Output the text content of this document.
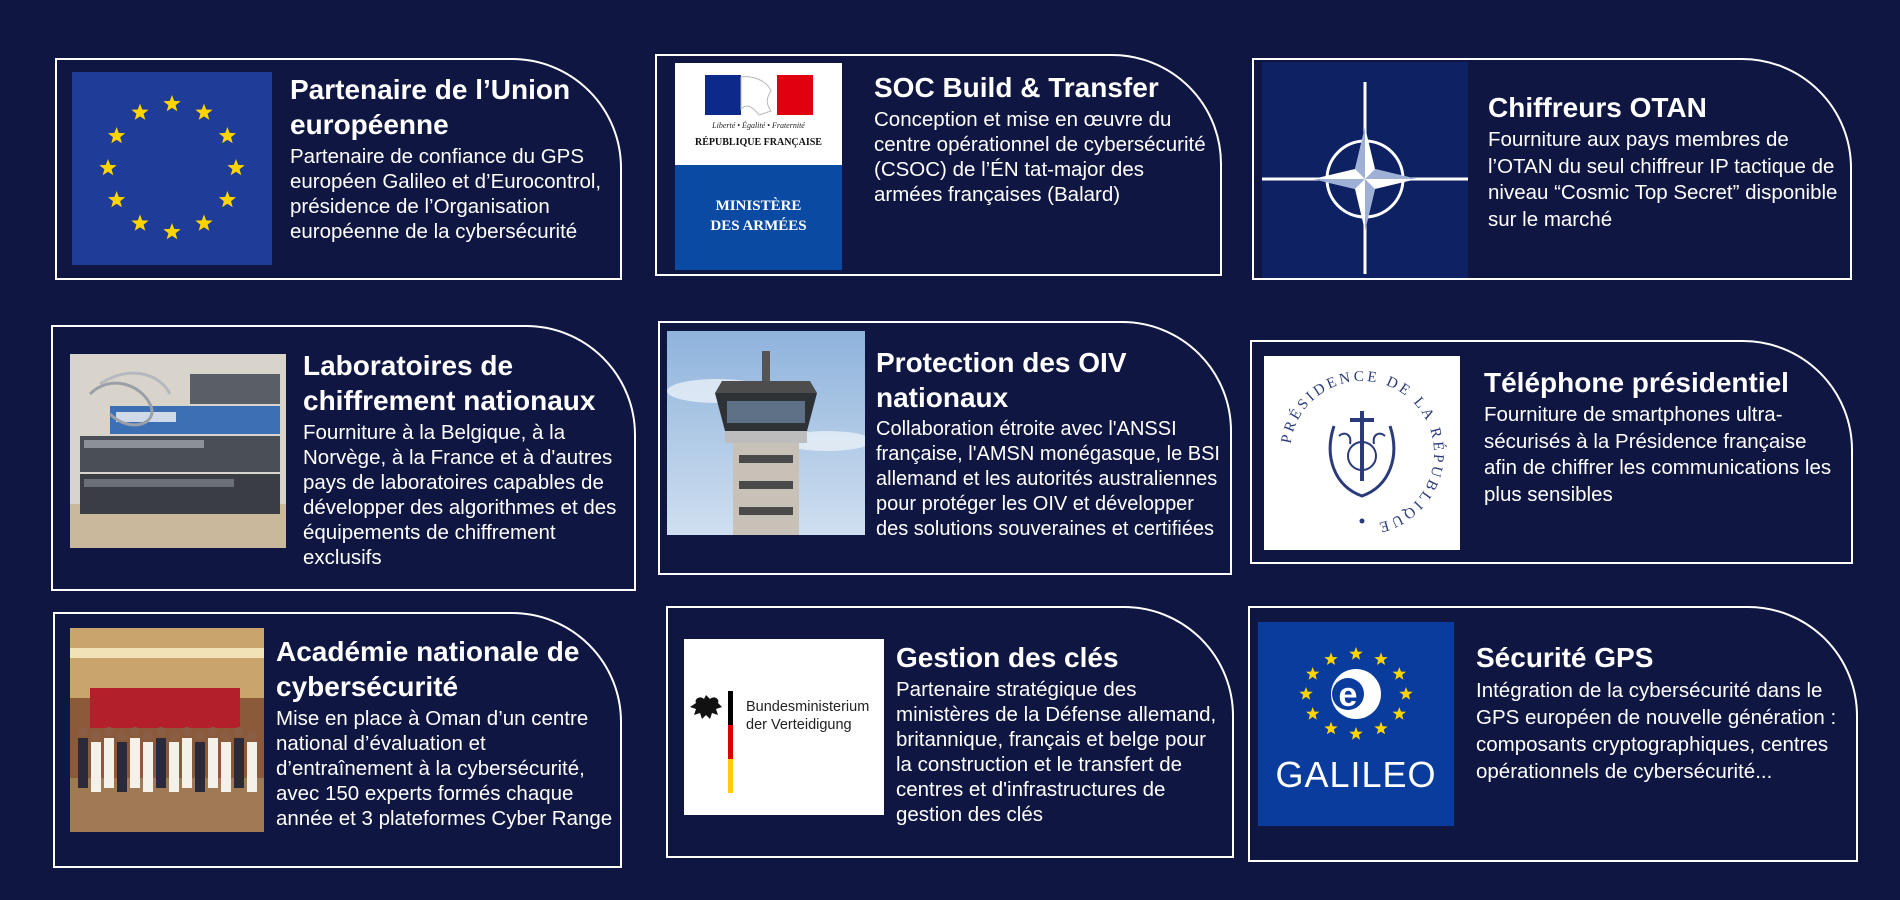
Partenaire de l’Union européenne

Partenaire de confiance du GPS européen Galileo et d’Eurocontrol, présidence de l’Organisation européenne de la cybersécurité

Liberté • Égalité • Fraternité
RÉPUBLIQUE FRANÇAISE
MINISTÈRE
DES ARMÉES

SOC Build & Transfer

Conception et mise en œuvre du centre opérationnel de cybersécurité (CSOC) de l’ÉN tat-major des armées françaises (Balard)

Chiffreurs OTAN

Fourniture aux pays membres de l’OTAN du seul chiffreur IP tactique de niveau “Cosmic Top Secret” disponible sur le marché

Laboratoires de chiffrement nationaux

Fourniture à la Belgique, à la Norvège, à la France et à d'autres pays de laboratoires capables de développer des algorithmes et des équipements de chiffrement exclusifs

Protection des OIV nationaux

Collaboration étroite avec l'ANSSI française, l'AMSN monégasque, le BSI allemand et les autorités australiennes pour protéger les OIV et développer des solutions souveraines et certifiées

PRÉSIDENCE DE LA RÉPUBLIQUE

Téléphone présidentiel

Fourniture de smartphones ultra-sécurisés à la Présidence française afin de chiffrer les communications les plus sensibles

Académie nationale de cybersécurité

Mise en place à Oman d’un centre national d’évaluation et d’entraînement à la cybersécurité, avec 150 experts formés chaque année et 3 plateformes Cyber Range

Bundesministerium
der Verteidigung

Gestion des clés

Partenaire stratégique des ministères de la Défense allemand, britannique, français et belge pour la construction et le transfert de centres et d'infrastructures de gestion des clés

e
GALILEO

Sécurité GPS

Intégration de la cybersécurité dans le GPS européen de nouvelle génération : composants cryptographiques, centres opérationnels de cybersécurité...
